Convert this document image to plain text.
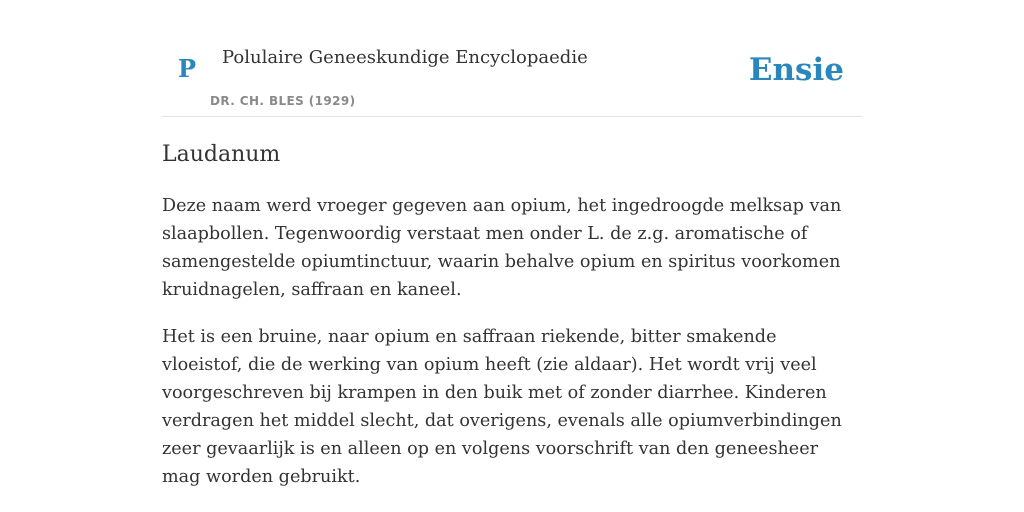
P Polulaire Geneeskundige Encyclopaedie
DR. CH. BLES (1929)
Ensie
Laudanum

Deze naam werd vroeger gegeven aan opium, het ingedroogde melksap van slaapbollen. Tegenwoordig verstaat men onder L. de z.g. aromatische of samengestelde opiumtinctuur, waarin behalve opium en spiritus voorkomen kruidnagelen, saffraan en kaneel.

Het is een bruine, naar opium en saffraan riekende, bitter smakende vloeistof, die de werking van opium heeft (zie aldaar). Het wordt vrij veel voorgeschreven bij krampen in den buik met of zonder diarrhee. Kinderen verdragen het middel slecht, dat overigens, evenals alle opiumverbindingen zeer gevaarlijk is en alleen op en volgens voorschrift van den geneesheer mag worden gebruikt.
